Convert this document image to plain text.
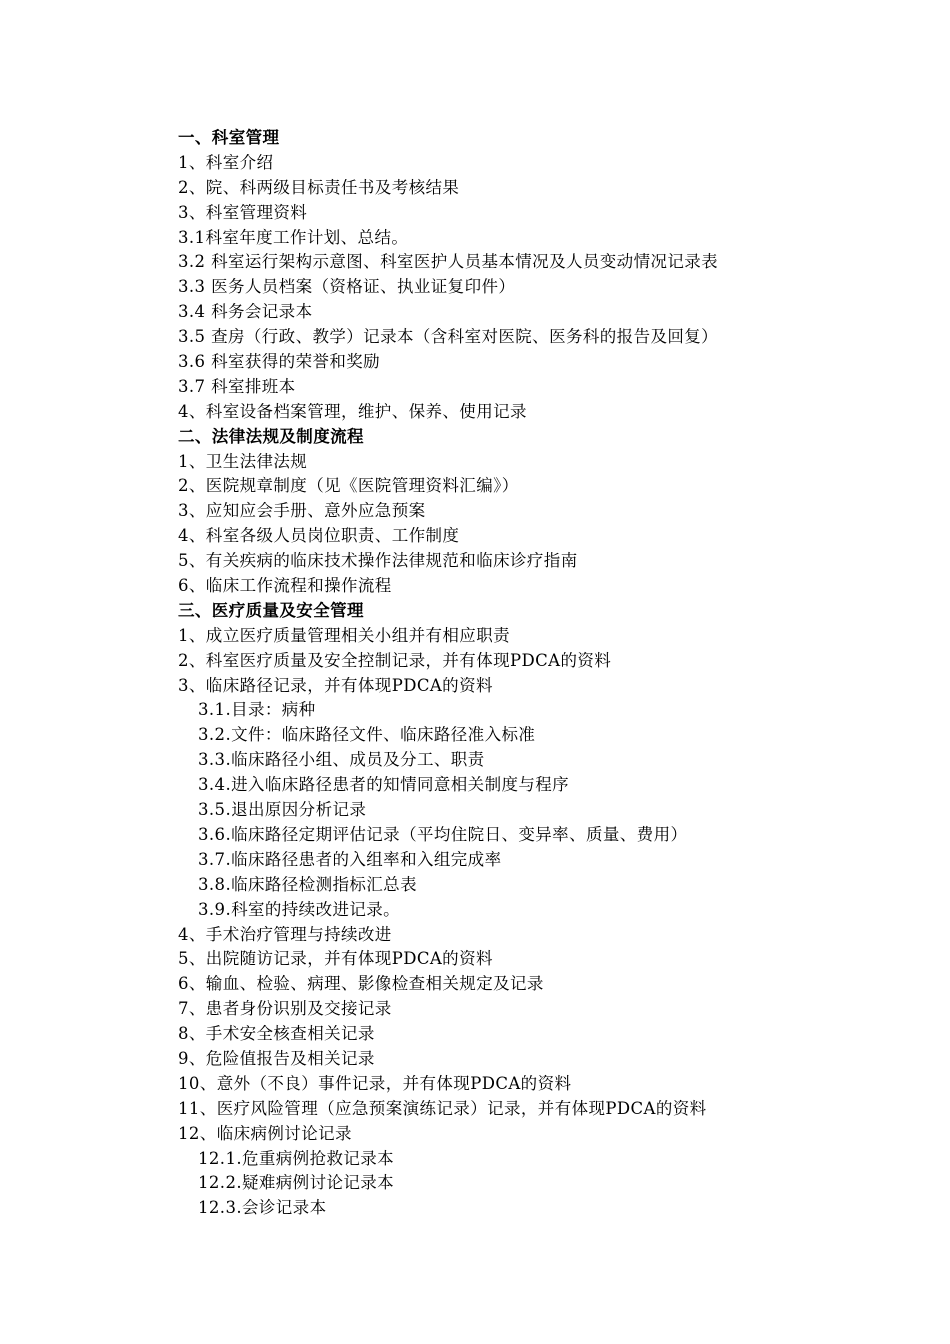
一、科室管理
1、科室介绍
2、院、科两级目标责任书及考核结果
3、科室管理资料
3.1科室年度工作计划、总结。
3.2 科室运行架构示意图、科室医护人员基本情况及人员变动情况记录表
3.3 医务人员档案（资格证、执业证复印件）
3.4 科务会记录本
3.5 查房（行政、教学）记录本（含科室对医院、医务科的报告及回复）
3.6 科室获得的荣誉和奖励
3.7 科室排班本
4、科室设备档案管理，维护、保养、使用记录
二、法律法规及制度流程
1、卫生法律法规
2、医院规章制度（见《医院管理资料汇编》）
3、应知应会手册、意外应急预案
4、科室各级人员岗位职责、工作制度
5、有关疾病的临床技术操作法律规范和临床诊疗指南
6、临床工作流程和操作流程
三、医疗质量及安全管理
1、成立医疗质量管理相关小组并有相应职责
2、科室医疗质量及安全控制记录，并有体现PDCA的资料
3、临床路径记录，并有体现PDCA的资料
3.1.目录：病种
3.2.文件：临床路径文件、临床路径准入标准
3.3.临床路径小组、成员及分工、职责
3.4.进入临床路径患者的知情同意相关制度与程序
3.5.退出原因分析记录
3.6.临床路径定期评估记录（平均住院日、变异率、质量、费用）
3.7.临床路径患者的入组率和入组完成率
3.8.临床路径检测指标汇总表
3.9.科室的持续改进记录。
4、手术治疗管理与持续改进
5、出院随访记录，并有体现PDCA的资料
6、输血、检验、病理、影像检查相关规定及记录
7、患者身份识别及交接记录
8、手术安全核查相关记录
9、危险值报告及相关记录
10、意外（不良）事件记录，并有体现PDCA的资料
11、医疗风险管理（应急预案演练记录）记录，并有体现PDCA的资料
12、临床病例讨论记录
12.1.危重病例抢救记录本
12.2.疑难病例讨论记录本
12.3.会诊记录本
